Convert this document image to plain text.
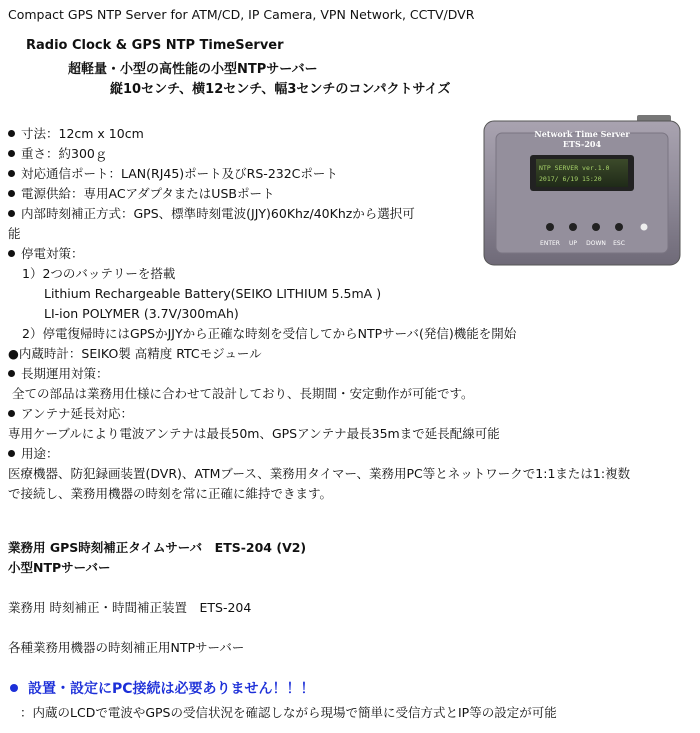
Compact GPS NTP Server for ATM/CD, IP Camera, VPN Network, CCTV/DVR
Radio Clock & GPS NTP TimeServer
超軽量・小型の高性能の小型NTPサーバー
縦10センチ、横12センチ、幅3センチのコンパクトサイズ
寸法：12cm x 10cm
重さ：約300ｇ
対応通信ポート：LAN(RJ45)ポート及びRS-232Cポート
電源供給：専用ACアダプタまたはUSBポート
内部時刻補正方式：GPS、標準時刻電波(JJY)60Khz/40Khzから選択可
能
停電対策：
1）2つのバッテリーを搭載
Lithium Rechargeable Battery(SEIKO LITHIUM 5.5mA )
LI-ion POLYMER (3.7V/300mAh)
2）停電復帰時にはGPSかJJYから正確な時刻を受信してからNTPサーバ(発信)機能を開始
●内蔵時計：SEIKO製 高精度 RTCモジュール
長期運用対策：
全ての部品は業務用仕様に合わせて設計しており、長期間・安定動作が可能です。
アンテナ延長対応：
専用ケーブルにより電波アンテナは最長50m、GPSアンテナ最長35mまで延長配線可能
用途：
医療機器、防犯録画装置(DVR)、ATMブース、業務用タイマー、業務用PC等とネットワークで1:1または1:複数
で接続し、業務用機器の時刻を常に正確に維持できます。
業務用 GPS時刻補正タイムサーバ　ETS-204 (V2)
小型NTPサーバー
業務用 時刻補正・時間補正装置　ETS-204
各種業務用機器の時刻補正用NTPサーバー
設置・設定にPC接続は必要ありません！！！
：内蔵のLCDで電波やGPSの受信状況を確認しながら現場で簡単に受信方式とIP等の設定が可能
Network Time Server
ETS-204
NTP SERVER ver.1.0
2017/ 6/19 15:20
ENTER UP DOWN ESC
